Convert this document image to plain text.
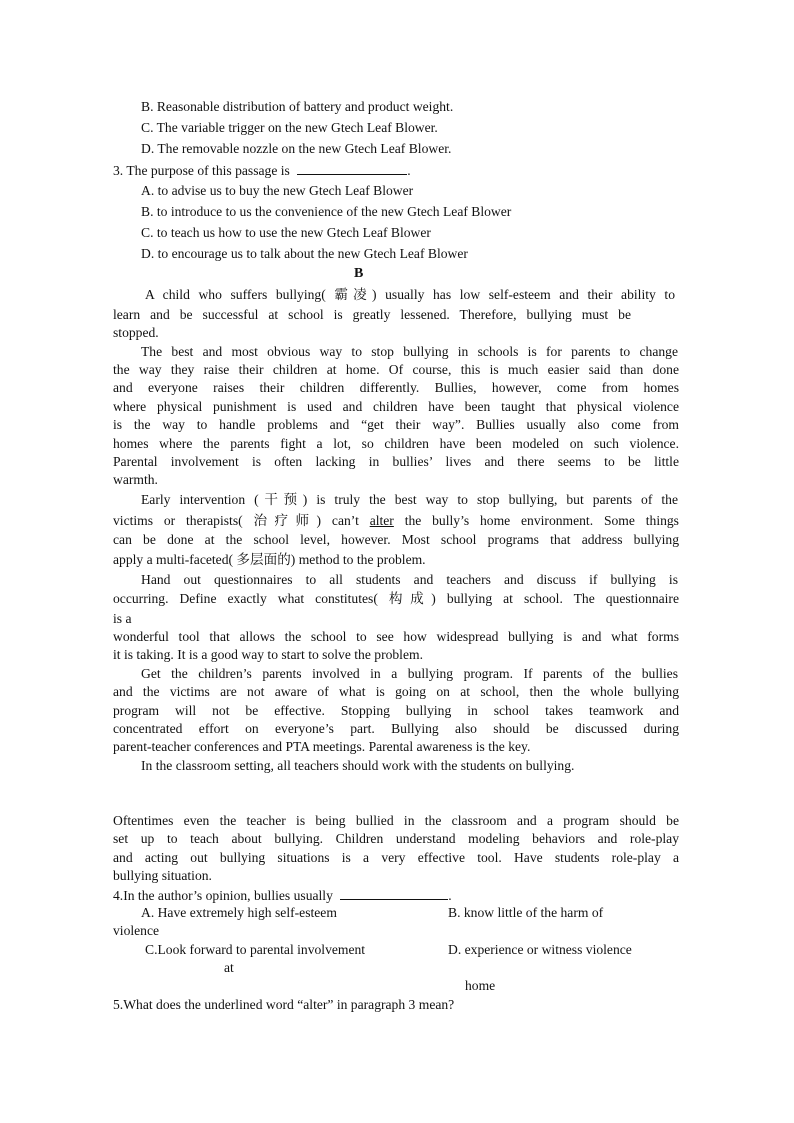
B. Reasonable distribution of battery and product weight.
C. The variable trigger on the new Gtech Leaf Blower.
D. The removable nozzle on the new Gtech Leaf Blower.
3. The purpose of this passage is	.
A. to advise us to buy the new Gtech Leaf Blower
B. to introduce to us the convenience of the new Gtech Leaf Blower
C. to teach us how to use the new Gtech Leaf Blower
D. to encourage us to talk about the new Gtech Leaf Blower
B
A child who suffers bullying( 霸凌) usually has low self-esteem and their ability to
learn and be successful at school is greatly lessened. Therefore, bullying must be
stopped.
The best and most obvious way to stop bullying in schools is for parents to change
the way they raise their children at home. Of course, this is much easier said than done
and everyone raises their children differently. Bullies, however, come from homes
where physical punishment is used and children have been taught that physical violence
is the way to handle problems and “get their way”. Bullies usually also come from
homes where the parents fight a lot, so children have been modeled on such violence.
Parental involvement is often lacking in bullies’ lives and there seems to be little
warmth.
Early intervention (干预) is truly the best way to stop bullying, but parents of the
victims or therapists( 治疗师) can’t alter the bully’s home environment. Some things
can be done at the school level, however. Most school programs that address bullying
apply a multi-faceted( 多层面的) method to the problem.
Hand out questionnaires to all students and teachers and discuss if bullying is
occurring. Define exactly what constitutes( 构成) bullying at school. The questionnaire
is a
wonderful tool that allows the school to see how widespread bullying is and what forms
it is taking. It is a good way to start to solve the problem.
Get the children’s parents involved in a bullying program. If parents of the bullies
and the victims are not aware of what is going on at school, then the whole bullying
program will not be effective. Stopping bullying in school takes teamwork and
concentrated effort on everyone’s part. Bullying also should be discussed during
parent-teacher conferences and PTA meetings. Parental awareness is the key.
In the classroom setting, all teachers should work with the students on bullying.
Oftentimes even the teacher is being bullied in the classroom and a program should be
set up to teach about bullying. Children understand modeling behaviors and role-play
and acting out bullying situations is a very effective tool. Have students role-play a
bullying situation.
4.In the author’s opinion, bullies usually	.
A. Have extremely high self-esteem	B. know little of the harm of
violence
C.Look forward to parental involvement	D. experience or witness violence
at
home
5.What does the underlined word “alter” in paragraph 3 mean?
